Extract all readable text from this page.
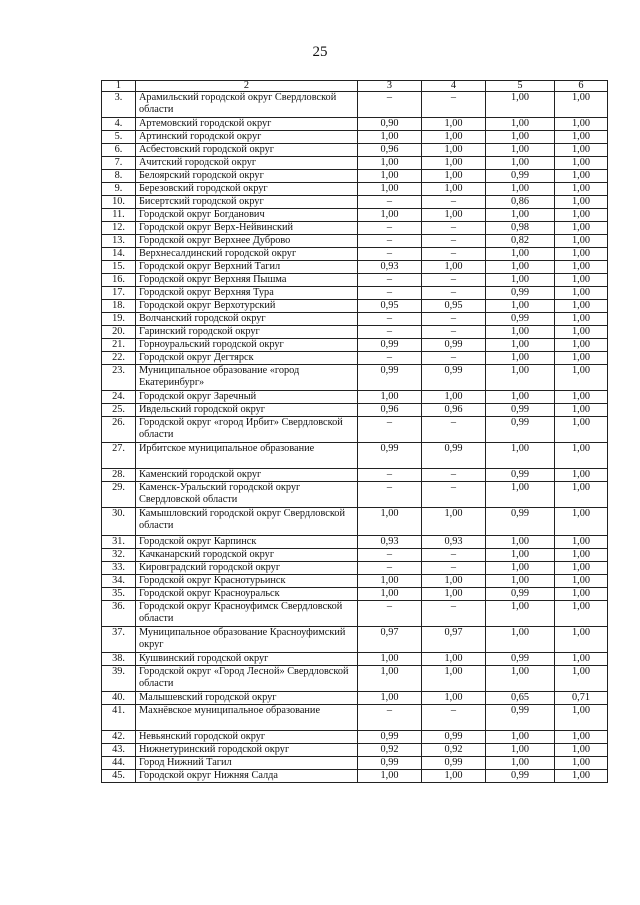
25
1	2	3	4	5	6
3.	Арамильский городской округ Свердловской области	–	–	1,00	1,00
4.	Артемовский городской округ	0,90	1,00	1,00	1,00
5.	Артинский городской округ	1,00	1,00	1,00	1,00
6.	Асбестовский городской округ	0,96	1,00	1,00	1,00
7.	Ачитский городской округ	1,00	1,00	1,00	1,00
8.	Белоярский городской округ	1,00	1,00	0,99	1,00
9.	Березовский городской округ	1,00	1,00	1,00	1,00
10.	Бисертский городской округ	–	–	0,86	1,00
11.	Городской округ Богданович	1,00	1,00	1,00	1,00
12.	Городской округ Верх-Нейвинский	–	–	0,98	1,00
13.	Городской округ Верхнее Дуброво	–	–	0,82	1,00
14.	Верхнесалдинский городской округ	–	–	1,00	1,00
15.	Городской округ Верхний Тагил	0,93	1,00	1,00	1,00
16.	Городской округ Верхняя Пышма	–	–	1,00	1,00
17.	Городской округ Верхняя Тура	–	–	0,99	1,00
18.	Городской округ Верхотурский	0,95	0,95	1,00	1,00
19.	Волчанский городской округ	–	–	0,99	1,00
20.	Гаринский городской округ	–	–	1,00	1,00
21.	Горноуральский городской округ	0,99	0,99	1,00	1,00
22.	Городской округ Дегтярск	–	–	1,00	1,00
23.	Муниципальное образование «город Екатеринбург»	0,99	0,99	1,00	1,00
24.	Городской округ Заречный	1,00	1,00	1,00	1,00
25.	Ивдельский городской округ	0,96	0,96	0,99	1,00
26.	Городской округ «город Ирбит» Свердловской области	–	–	0,99	1,00
27.	Ирбитское муниципальное образование	0,99	0,99	1,00	1,00
28.	Каменский городской округ	–	–	0,99	1,00
29.	Каменск-Уральский городской округ Свердловской области	–	–	1,00	1,00
30.	Камышловский городской округ Свердловской области	1,00	1,00	0,99	1,00
31.	Городской округ Карпинск	0,93	0,93	1,00	1,00
32.	Качканарский городской округ	–	–	1,00	1,00
33.	Кировградский городской округ	–	–	1,00	1,00
34.	Городской округ Краснотурьинск	1,00	1,00	1,00	1,00
35.	Городской округ Красноуральск	1,00	1,00	0,99	1,00
36.	Городской округ Красноуфимск Свердловской области	–	–	1,00	1,00
37.	Муниципальное образование Красноуфимский округ	0,97	0,97	1,00	1,00
38.	Кушвинский городской округ	1,00	1,00	0,99	1,00
39.	Городской округ «Город Лесной» Свердловской области	1,00	1,00	1,00	1,00
40.	Малышевский городской округ	1,00	1,00	0,65	0,71
41.	Махнёвское муниципальное образование	–	–	0,99	1,00
42.	Невьянский городской округ	0,99	0,99	1,00	1,00
43.	Нижнетуринский городской округ	0,92	0,92	1,00	1,00
44.	Город Нижний Тагил	0,99	0,99	1,00	1,00
45.	Городской округ Нижняя Салда	1,00	1,00	0,99	1,00
